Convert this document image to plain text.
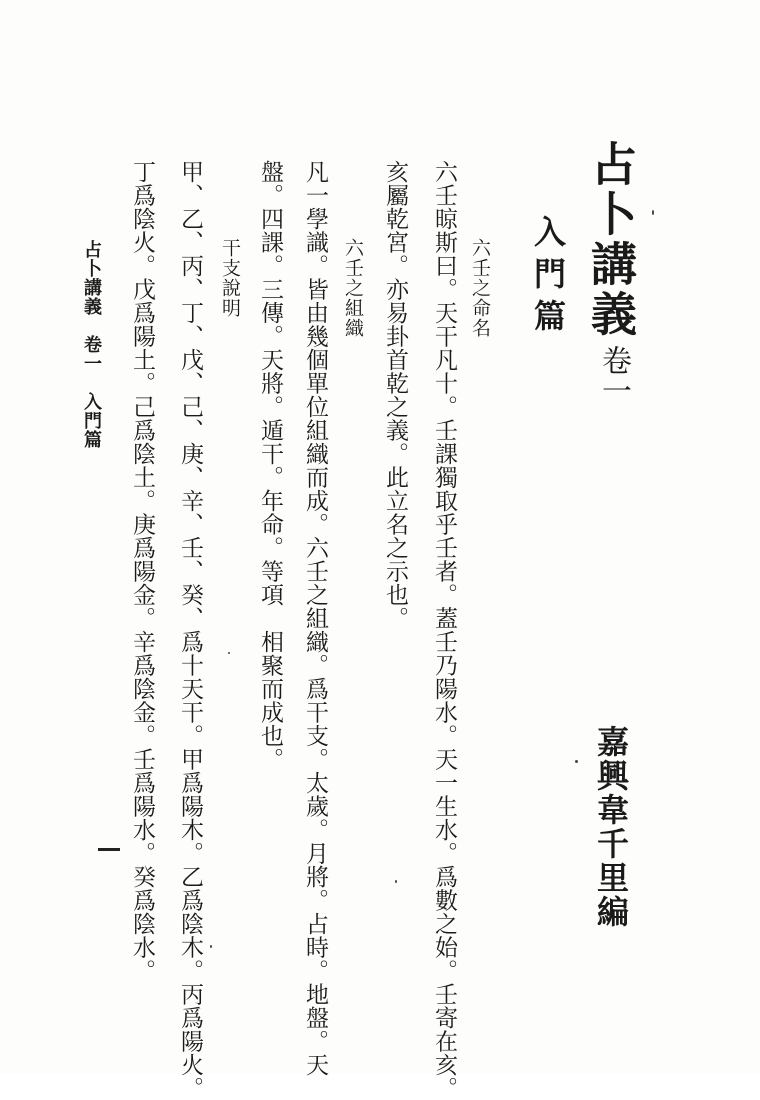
占卜講義
卷一
嘉興韋千里編
入門篇
六壬之命名
六壬晾斯曰。天干凡十。壬課獨取乎壬者。蓋壬乃陽水。天一生水。爲數之始。壬寄在亥。
亥屬乾宮。亦易卦首乾之義。此立名之示也。
六壬之組織
凡一學識。皆由幾個單位組織而成。六壬之組織。爲干支。太歲。月將。占時。地盤。天
盤。四課。三傳。天將。遁干。年命。等項　相聚而成也。
干支說明
甲、乙、丙、丁、戊、己、庚、辛、壬、癸、爲十天干。甲爲陽木。乙爲陰木。丙爲陽火。
丁爲陰火。戊爲陽土。己爲陰土。庚爲陽金。辛爲陰金。壬爲陽水。癸爲陰水。
占卜講義　卷一　入門篇
